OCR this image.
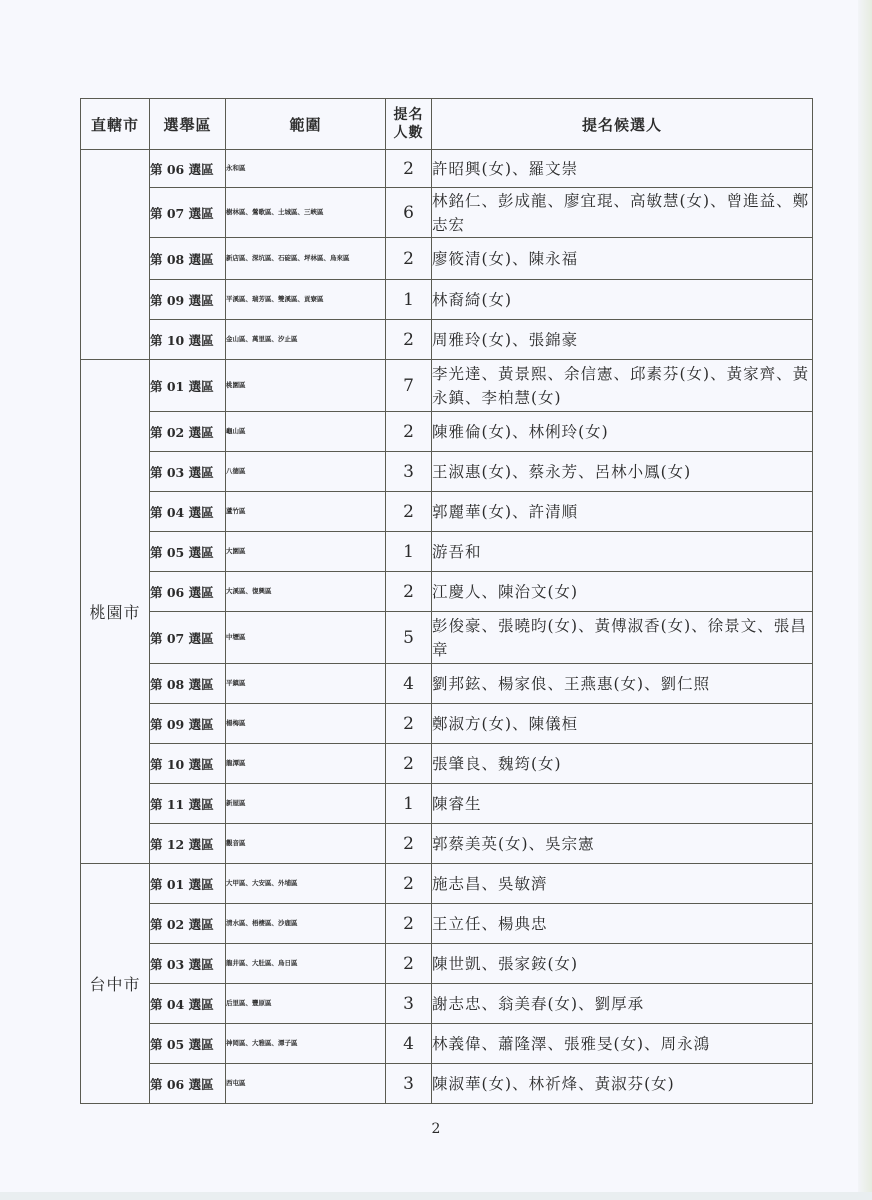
直轄市	選舉區	範圍	提名
人數	提名候選人
	第 06 選區	永和區	2	許昭興(女)、羅文崇
	第 07 選區	樹林區、鶯歌區、土城區、三峽區	6	林銘仁、彭成龍、廖宜琨、高敏慧(女)、曾進益、鄭志宏
	第 08 選區	新店區、深坑區、石碇區、坪林區、烏來區	2	廖筱清(女)、陳永福
	第 09 選區	平溪區、瑞芳區、雙溪區、貢寮區	1	林裔綺(女)
	第 10 選區	金山區、萬里區、汐止區	2	周雅玲(女)、張錦豪
桃園市	第 01 選區	桃園區	7	李光達、黃景熙、余信憲、邱素芬(女)、黃家齊、黃永鎮、李柏慧(女)
	第 02 選區	龜山區	2	陳雅倫(女)、林俐玲(女)
	第 03 選區	八德區	3	王淑惠(女)、蔡永芳、呂林小鳳(女)
	第 04 選區	蘆竹區	2	郭麗華(女)、許清順
	第 05 選區	大園區	1	游吾和
	第 06 選區	大溪區、復興區	2	江慶人、陳治文(女)
	第 07 選區	中壢區	5	彭俊豪、張曉昀(女)、黃傅淑香(女)、徐景文、張昌章
	第 08 選區	平鎮區	4	劉邦鉉、楊家俍、王燕惠(女)、劉仁照
	第 09 選區	楊梅區	2	鄭淑方(女)、陳儀桓
	第 10 選區	龍潭區	2	張肇良、魏筠(女)
	第 11 選區	新屋區	1	陳睿生
	第 12 選區	觀音區	2	郭蔡美英(女)、吳宗憲
台中市	第 01 選區	大甲區、大安區、外埔區	2	施志昌、吳敏濟
	第 02 選區	清水區、梧棲區、沙鹿區	2	王立任、楊典忠
	第 03 選區	龍井區、大肚區、烏日區	2	陳世凱、張家銨(女)
	第 04 選區	后里區、豐原區	3	謝志忠、翁美春(女)、劉厚承
	第 05 選區	神岡區、大雅區、潭子區	4	林義偉、蕭隆澤、張雅旻(女)、周永鴻
	第 06 選區	西屯區	3	陳淑華(女)、林祈烽、黃淑芬(女)
2
